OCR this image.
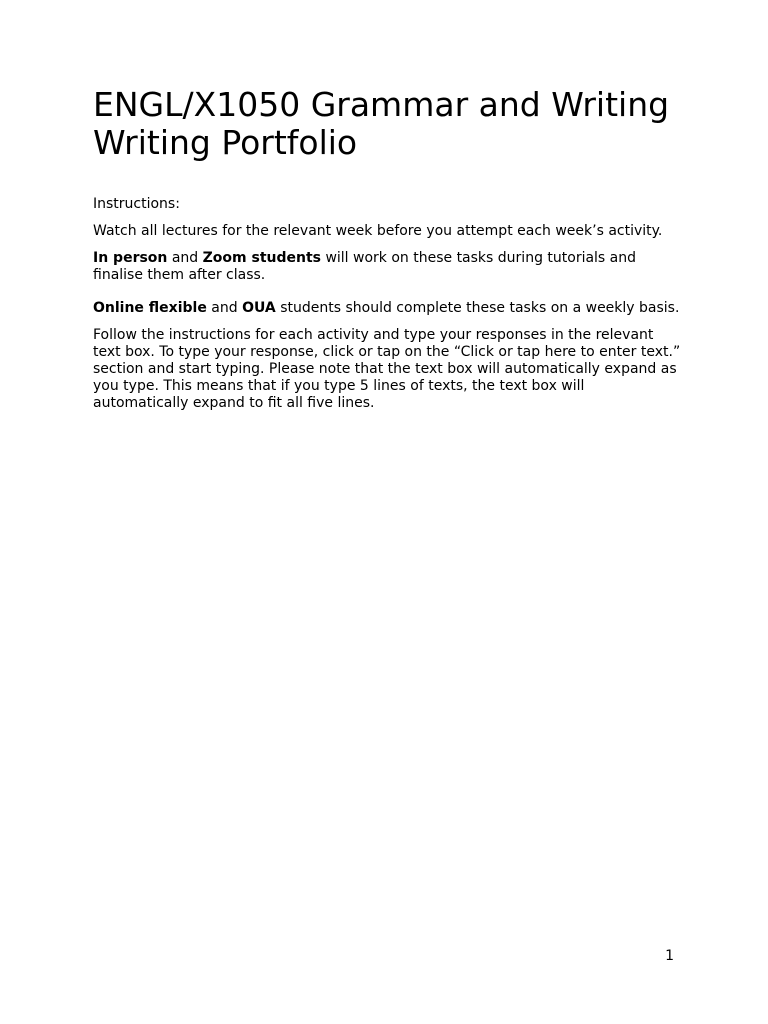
ENGL/X1050 Grammar and Writing Writing Portfolio

Instructions:

Watch all lectures for the relevant week before you attempt each week’s activity.

In person and Zoom students will work on these tasks during tutorials and finalise them after class.

Online flexible and OUA students should complete these tasks on a weekly basis.

Follow the instructions for each activity and type your responses in the relevant text box. To type your response, click or tap on the “Click or tap here to enter text.” section and start typing. Please note that the text box will automatically expand as you type. This means that if you type 5 lines of texts, the text box will automatically expand to fit all five lines.

1
